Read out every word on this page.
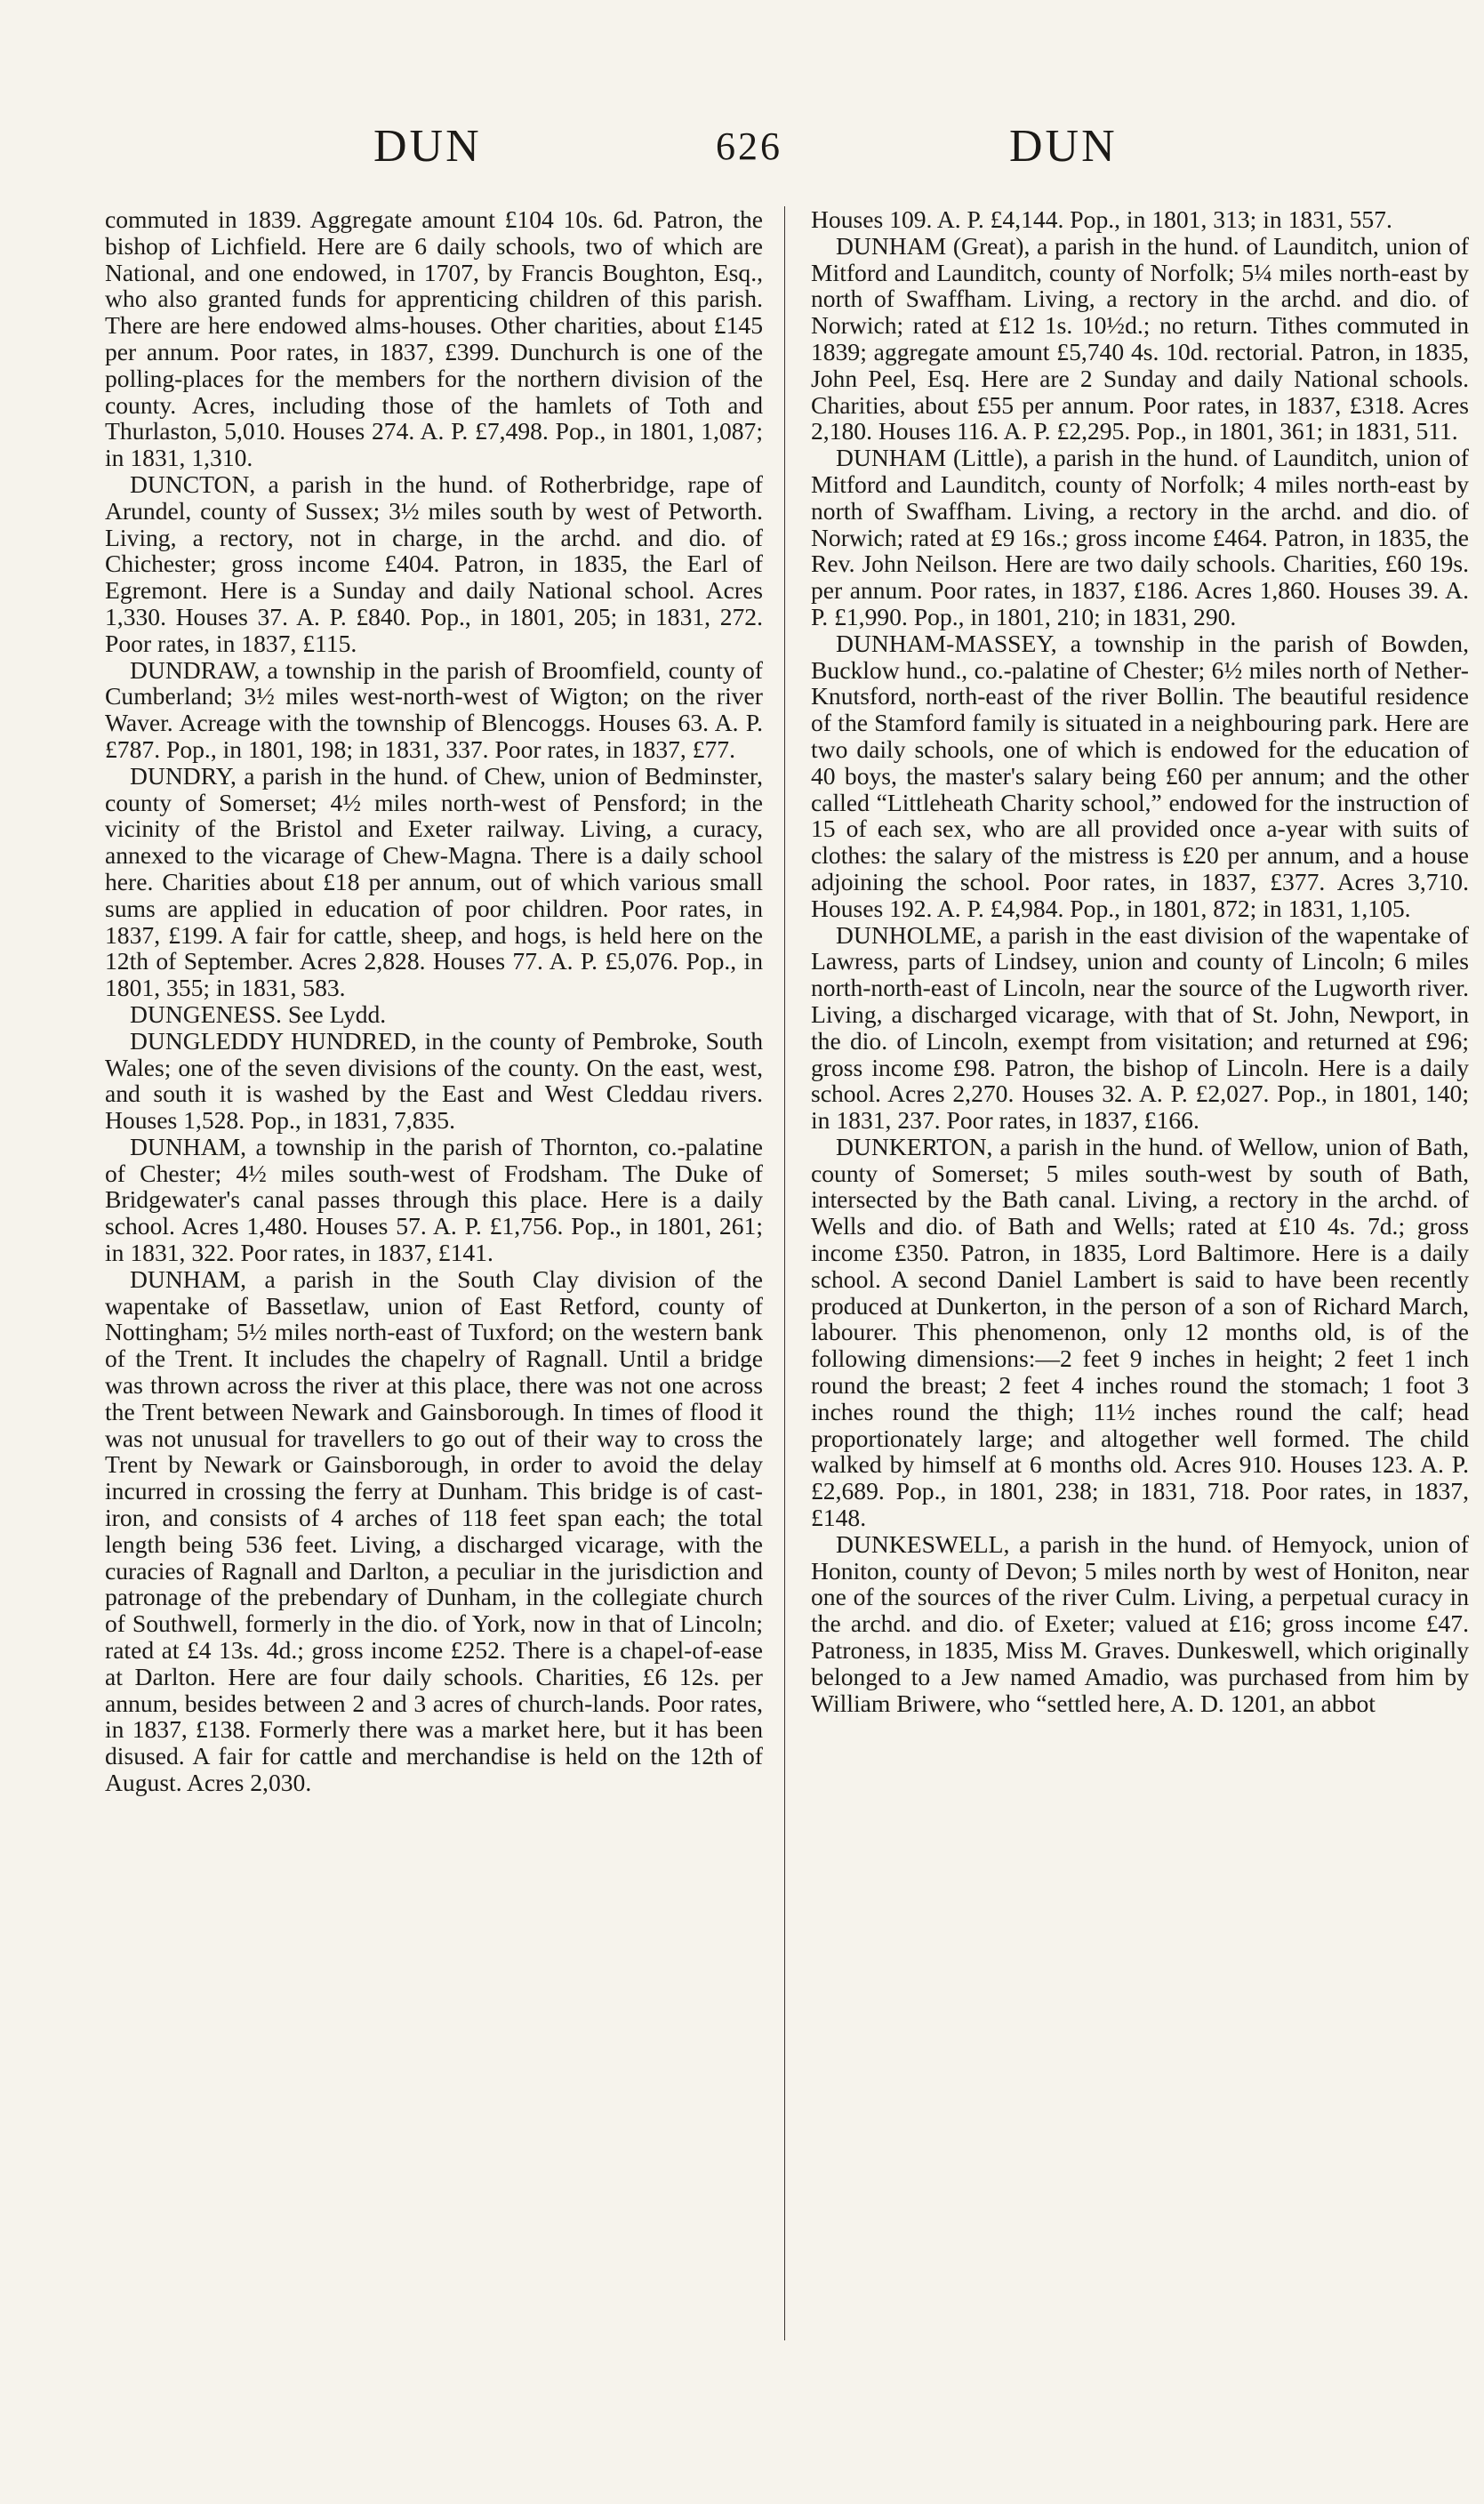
DUN	626	DUN

commuted in 1839. Aggregate amount £104 10s. 6d. Patron, the bishop of Lichfield. Here are 6 daily schools, two of which are National, and one endowed, in 1707, by Francis Boughton, Esq., who also granted funds for apprenticing children of this parish. There are here endowed alms-houses. Other charities, about £145 per annum. Poor rates, in 1837, £399. Dunchurch is one of the polling-places for the members for the northern division of the county. Acres, including those of the hamlets of Toth and Thurlaston, 5,010. Houses 274. A. P. £7,498. Pop., in 1801, 1,087; in 1831, 1,310.

DUNCTON, a parish in the hund. of Rotherbridge, rape of Arundel, county of Sussex; 3½ miles south by west of Petworth. Living, a rectory, not in charge, in the archd. and dio. of Chichester; gross income £404. Patron, in 1835, the Earl of Egremont. Here is a Sunday and daily National school. Acres 1,330. Houses 37. A. P. £840. Pop., in 1801, 205; in 1831, 272. Poor rates, in 1837, £115.

DUNDRAW, a township in the parish of Broomfield, county of Cumberland; 3½ miles west-north-west of Wigton; on the river Waver. Acreage with the township of Blencoggs. Houses 63. A. P. £787. Pop., in 1801, 198; in 1831, 337. Poor rates, in 1837, £77.

DUNDRY, a parish in the hund. of Chew, union of Bedminster, county of Somerset; 4½ miles north-west of Pensford; in the vicinity of the Bristol and Exeter railway. Living, a curacy, annexed to the vicarage of Chew-Magna. There is a daily school here. Charities about £18 per annum, out of which various small sums are applied in education of poor children. Poor rates, in 1837, £199. A fair for cattle, sheep, and hogs, is held here on the 12th of September. Acres 2,828. Houses 77. A. P. £5,076. Pop., in 1801, 355; in 1831, 583.

DUNGENESS. See Lydd.

DUNGLEDDY HUNDRED, in the county of Pembroke, South Wales; one of the seven divisions of the county. On the east, west, and south it is washed by the East and West Cleddau rivers. Houses 1,528. Pop., in 1831, 7,835.

DUNHAM, a township in the parish of Thornton, co.-palatine of Chester; 4½ miles south-west of Frodsham. The Duke of Bridgewater's canal passes through this place. Here is a daily school. Acres 1,480. Houses 57. A. P. £1,756. Pop., in 1801, 261; in 1831, 322. Poor rates, in 1837, £141.

DUNHAM, a parish in the South Clay division of the wapentake of Bassetlaw, union of East Retford, county of Nottingham; 5½ miles north-east of Tuxford; on the western bank of the Trent. It includes the chapelry of Ragnall. Until a bridge was thrown across the river at this place, there was not one across the Trent between Newark and Gainsborough. In times of flood it was not unusual for travellers to go out of their way to cross the Trent by Newark or Gainsborough, in order to avoid the delay incurred in crossing the ferry at Dunham. This bridge is of cast-iron, and consists of 4 arches of 118 feet span each; the total length being 536 feet. Living, a discharged vicarage, with the curacies of Ragnall and Darlton, a peculiar in the jurisdiction and patronage of the prebendary of Dunham, in the collegiate church of Southwell, formerly in the dio. of York, now in that of Lincoln; rated at £4 13s. 4d.; gross income £252. There is a chapel-of-ease at Darlton. Here are four daily schools. Charities, £6 12s. per annum, besides between 2 and 3 acres of church-lands. Poor rates, in 1837, £138. Formerly there was a market here, but it has been disused. A fair for cattle and merchandise is held on the 12th of August. Acres 2,030.

Houses 109. A. P. £4,144. Pop., in 1801, 313; in 1831, 557.

DUNHAM (Great), a parish in the hund. of Launditch, union of Mitford and Launditch, county of Norfolk; 5¼ miles north-east by north of Swaffham. Living, a rectory in the archd. and dio. of Norwich; rated at £12 1s. 10½d.; no return. Tithes commuted in 1839; aggregate amount £5,740 4s. 10d. rectorial. Patron, in 1835, John Peel, Esq. Here are 2 Sunday and daily National schools. Charities, about £55 per annum. Poor rates, in 1837, £318. Acres 2,180. Houses 116. A. P. £2,295. Pop., in 1801, 361; in 1831, 511.

DUNHAM (Little), a parish in the hund. of Launditch, union of Mitford and Launditch, county of Norfolk; 4 miles north-east by north of Swaffham. Living, a rectory in the archd. and dio. of Norwich; rated at £9 16s.; gross income £464. Patron, in 1835, the Rev. John Neilson. Here are two daily schools. Charities, £60 19s. per annum. Poor rates, in 1837, £186. Acres 1,860. Houses 39. A. P. £1,990. Pop., in 1801, 210; in 1831, 290.

DUNHAM-MASSEY, a township in the parish of Bowden, Bucklow hund., co.-palatine of Chester; 6½ miles north of Nether-Knutsford, north-east of the river Bollin. The beautiful residence of the Stamford family is situated in a neighbouring park. Here are two daily schools, one of which is endowed for the education of 40 boys, the master's salary being £60 per annum; and the other called “Littleheath Charity school,” endowed for the instruction of 15 of each sex, who are all provided once a-year with suits of clothes: the salary of the mistress is £20 per annum, and a house adjoining the school. Poor rates, in 1837, £377. Acres 3,710. Houses 192. A. P. £4,984. Pop., in 1801, 872; in 1831, 1,105.

DUNHOLME, a parish in the east division of the wapentake of Lawress, parts of Lindsey, union and county of Lincoln; 6 miles north-north-east of Lincoln, near the source of the Lugworth river. Living, a discharged vicarage, with that of St. John, Newport, in the dio. of Lincoln, exempt from visitation; and returned at £96; gross income £98. Patron, the bishop of Lincoln. Here is a daily school. Acres 2,270. Houses 32. A. P. £2,027. Pop., in 1801, 140; in 1831, 237. Poor rates, in 1837, £166.

DUNKERTON, a parish in the hund. of Wellow, union of Bath, county of Somerset; 5 miles south-west by south of Bath, intersected by the Bath canal. Living, a rectory in the archd. of Wells and dio. of Bath and Wells; rated at £10 4s. 7d.; gross income £350. Patron, in 1835, Lord Baltimore. Here is a daily school. A second Daniel Lambert is said to have been recently produced at Dunkerton, in the person of a son of Richard March, labourer. This phenomenon, only 12 months old, is of the following dimensions:—2 feet 9 inches in height; 2 feet 1 inch round the breast; 2 feet 4 inches round the stomach; 1 foot 3 inches round the thigh; 11½ inches round the calf; head proportionately large; and altogether well formed. The child walked by himself at 6 months old. Acres 910. Houses 123. A. P. £2,689. Pop., in 1801, 238; in 1831, 718. Poor rates, in 1837, £148.

DUNKESWELL, a parish in the hund. of Hemyock, union of Honiton, county of Devon; 5 miles north by west of Honiton, near one of the sources of the river Culm. Living, a perpetual curacy in the archd. and dio. of Exeter; valued at £16; gross income £47. Patroness, in 1835, Miss M. Graves. Dunkeswell, which originally belonged to a Jew named Amadio, was purchased from him by William Briwere, who “settled here, A. D. 1201, an abbot
